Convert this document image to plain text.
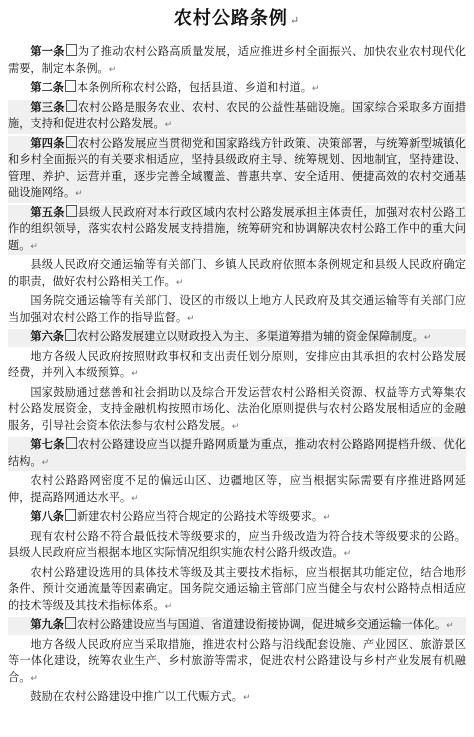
农村公路条例 ↵
第一条 为了推动农村公路高质量发展，适应推进乡村全面振兴、加快农业农村现代化需要，制定本条例。↵
第二条 本条例所称农村公路，包括县道、乡道和村道。↵
第三条 农村公路是服务农业、农村、农民的公益性基础设施。国家综合采取多方面措施，支持和促进农村公路发展。↵
第四条 农村公路发展应当贯彻党和国家路线方针政策、决策部署，与统筹新型城镇化和乡村全面振兴的有关要求相适应，坚持县级政府主导、统筹规划、因地制宜，坚持建设、管理、养护、运营并重，逐步完善全域覆盖、普惠共享、安全适用、便捷高效的农村交通基础设施网络。↵
第五条 县级人民政府对本行政区域内农村公路发展承担主体责任，加强对农村公路工作的组织领导，落实农村公路发展支持措施，统筹研究和协调解决农村公路工作中的重大问题。↵
县级人民政府交通运输等有关部门、乡镇人民政府依照本条例规定和县级人民政府确定的职责，做好农村公路相关工作。↵
国务院交通运输等有关部门、设区的市级以上地方人民政府及其交通运输等有关部门应当加强对农村公路工作的指导监督。↵
第六条 农村公路发展建立以财政投入为主、多渠道筹措为辅的资金保障制度。↵
地方各级人民政府按照财政事权和支出责任划分原则，安排应由其承担的农村公路发展经费，并列入本级预算。↵
国家鼓励通过慈善和社会捐助以及综合开发运营农村公路相关资源、权益等方式筹集农村公路发展资金，支持金融机构按照市场化、法治化原则提供与农村公路发展相适应的金融服务，引导社会资本依法参与农村公路发展。↵
第七条 农村公路建设应当以提升路网质量为重点，推动农村公路路网提档升级、优化结构。↵
农村公路路网密度不足的偏远山区、边疆地区等，应当根据实际需要有序推进路网延伸，提高路网通达水平。↵
第八条 新建农村公路应当符合规定的公路技术等级要求。↵
现有农村公路不符合最低技术等级要求的，应当升级改造为符合技术等级要求的公路。县级人民政府应当根据本地区实际情况组织实施农村公路升级改造。↵
农村公路建设选用的具体技术等级及其主要技术指标，应当根据其功能定位，结合地形条件、预计交通流量等因素确定。国务院交通运输主管部门应当健全与农村公路特点相适应的技术等级及其技术指标体系。↵
第九条 农村公路建设应当与国道、省道建设衔接协调，促进城乡交通运输一体化。↵
地方各级人民政府应当采取措施，推进农村公路与沿线配套设施、产业园区、旅游景区等一体化建设，统筹农业生产、乡村旅游等需求，促进农村公路建设与乡村产业发展有机融合。↵
鼓励在农村公路建设中推广以工代赈方式。↵
